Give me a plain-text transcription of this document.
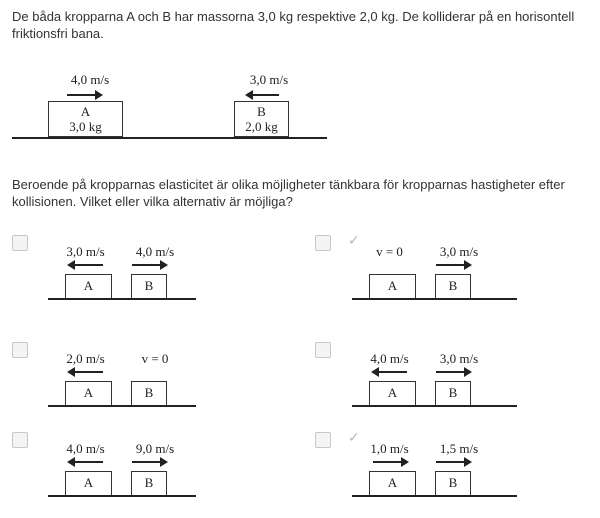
De båda kropparna A och B har massorna 3,0 kg respektive 2,0 kg. De kolliderar på en horisontell
friktionsfri bana.
4,0 m/s
A
3,0 kg
3,0 m/s
B
2,0 kg
Beroende på kropparnas elasticitet är olika möjligheter tänkbara för kropparnas hastigheter efter
kollisionen. Vilket eller vilka alternativ är möjliga?
3,0 m/s	4,0 m/s
A	B
✓
v = 0	3,0 m/s
A	B
2,0 m/s	v = 0
A	B
4,0 m/s	3,0 m/s
A	B
4,0 m/s	9,0 m/s
A	B
✓
1,0 m/s	1,5 m/s
A	B
